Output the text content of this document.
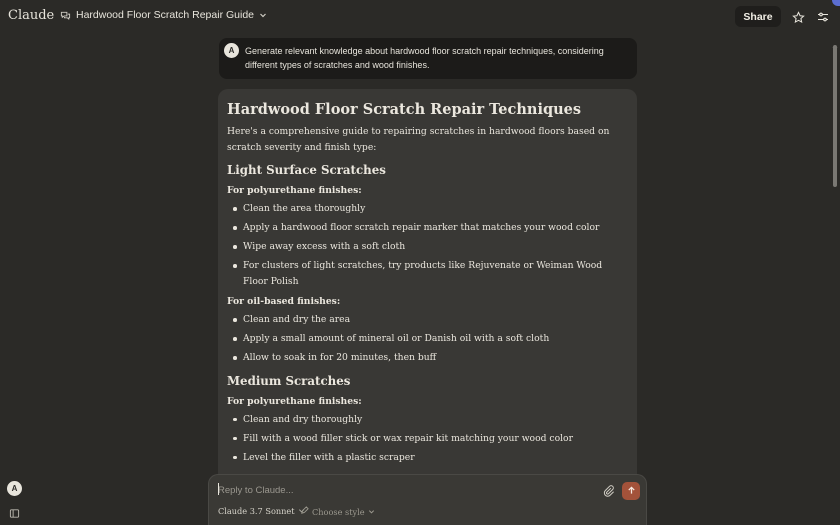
Claude Hardwood Floor Scratch Repair Guide	Share
A	Generate relevant knowledge about hardwood floor scratch repair techniques, considering different types of scratches and wood finishes.
Hardwood Floor Scratch Repair Techniques
Here's a comprehensive guide to repairing scratches in hardwood floors based on scratch severity and finish type:
Light Surface Scratches
For polyurethane finishes:
Clean the area thoroughly
Apply a hardwood floor scratch repair marker that matches your wood color
Wipe away excess with a soft cloth
For clusters of light scratches, try products like Rejuvenate or Weiman Wood Floor Polish
For oil-based finishes:
Clean and dry the area
Apply a small amount of mineral oil or Danish oil with a soft cloth
Allow to soak in for 20 minutes, then buff
Medium Scratches
For polyurethane finishes:
Clean and dry thoroughly
Fill with a wood filler stick or wax repair kit matching your wood color
Level the filler with a plastic scraper
Reply to Claude...
Claude 3.7 Sonnet Choose style
A
